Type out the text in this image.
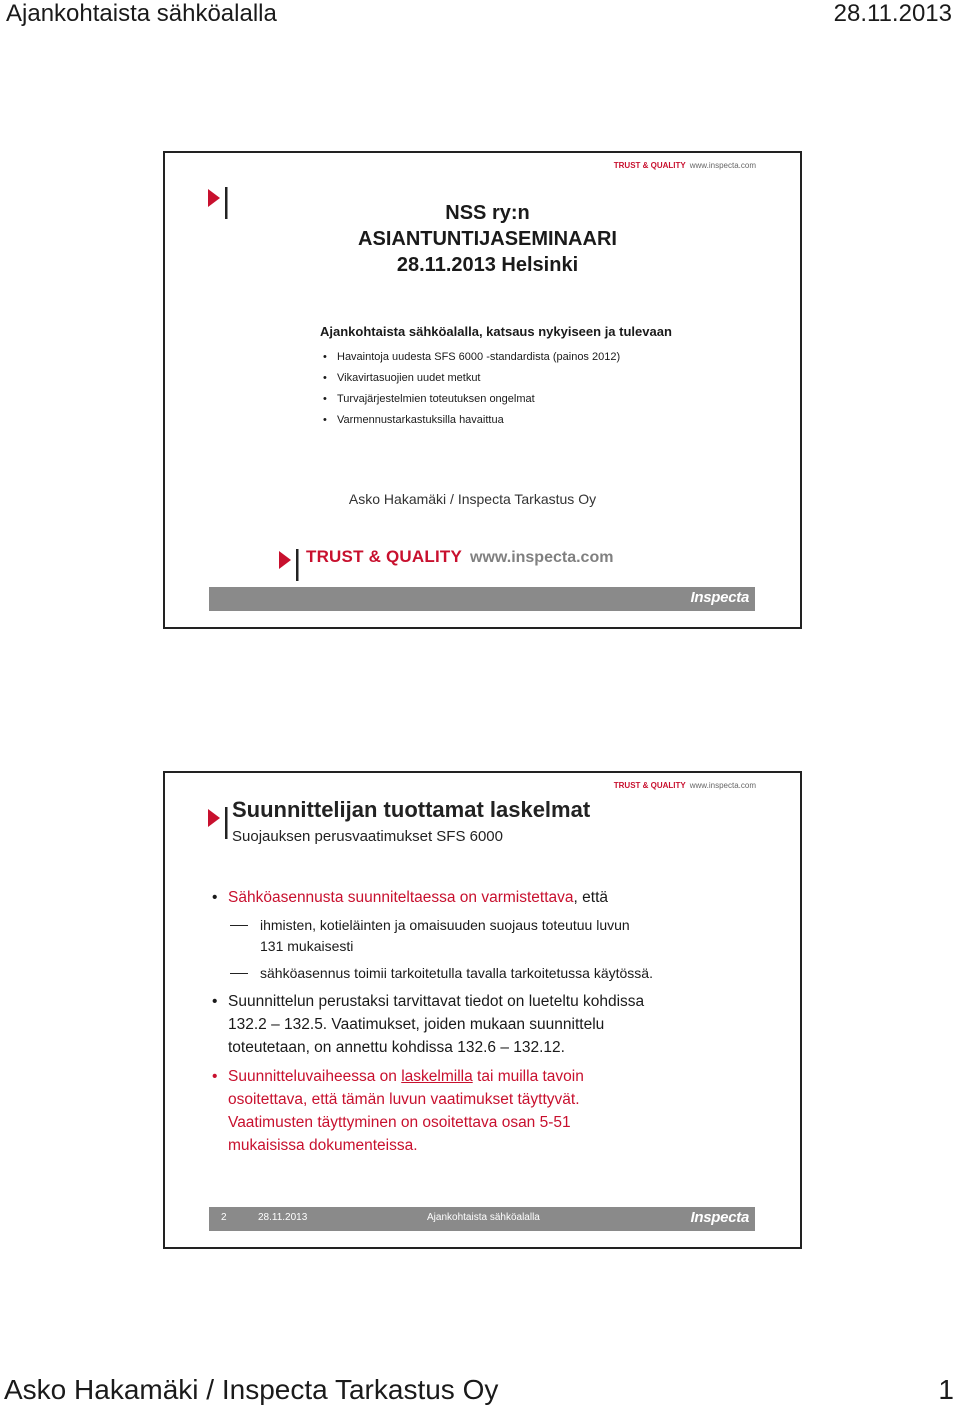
Ajankohtaista sähköalalla	28.11.2013
TRUST & QUALITY www.inspecta.com
NSS ry:n
ASIANTUNTIJASEMINAARI
28.11.2013 Helsinki
Ajankohtaista sähköalalla, katsaus nykyiseen ja tulevaan
• Havaintoja uudesta SFS 6000 -standardista (painos 2012)
• Vikavirtasuojien uudet metkut
• Turvajärjestelmien toteutuksen ongelmat
• Varmennustarkastuksilla havaittua
Asko Hakamäki / Inspecta Tarkastus Oy
TRUST & QUALITY www.inspecta.com
Inspecta
TRUST & QUALITY www.inspecta.com
Suunnittelijan tuottamat laskelmat
Suojauksen perusvaatimukset SFS 6000
• Sähköasennusta suunniteltaessa on varmistettava, että
ihmisten, kotieläinten ja omaisuuden suojaus toteutuu luvun
131 mukaisesti
sähköasennus toimii tarkoitetulla tavalla tarkoitetussa käytössä.
• Suunnittelun perustaksi tarvittavat tiedot on lueteltu kohdissa
132.2 – 132.5. Vaatimukset, joiden mukaan suunnittelu
toteutetaan, on annettu kohdissa 132.6 – 132.12.
• Suunnitteluvaiheessa on laskelmilla tai muilla tavoin
osoitettava, että tämän luvun vaatimukset täyttyvät.
Vaatimusten täyttyminen on osoitettava osan 5-51
mukaisissa dokumenteissa.
2	28.11.2013	Ajankohtaista sähköalalla	Inspecta
Asko Hakamäki / Inspecta Tarkastus Oy	1
